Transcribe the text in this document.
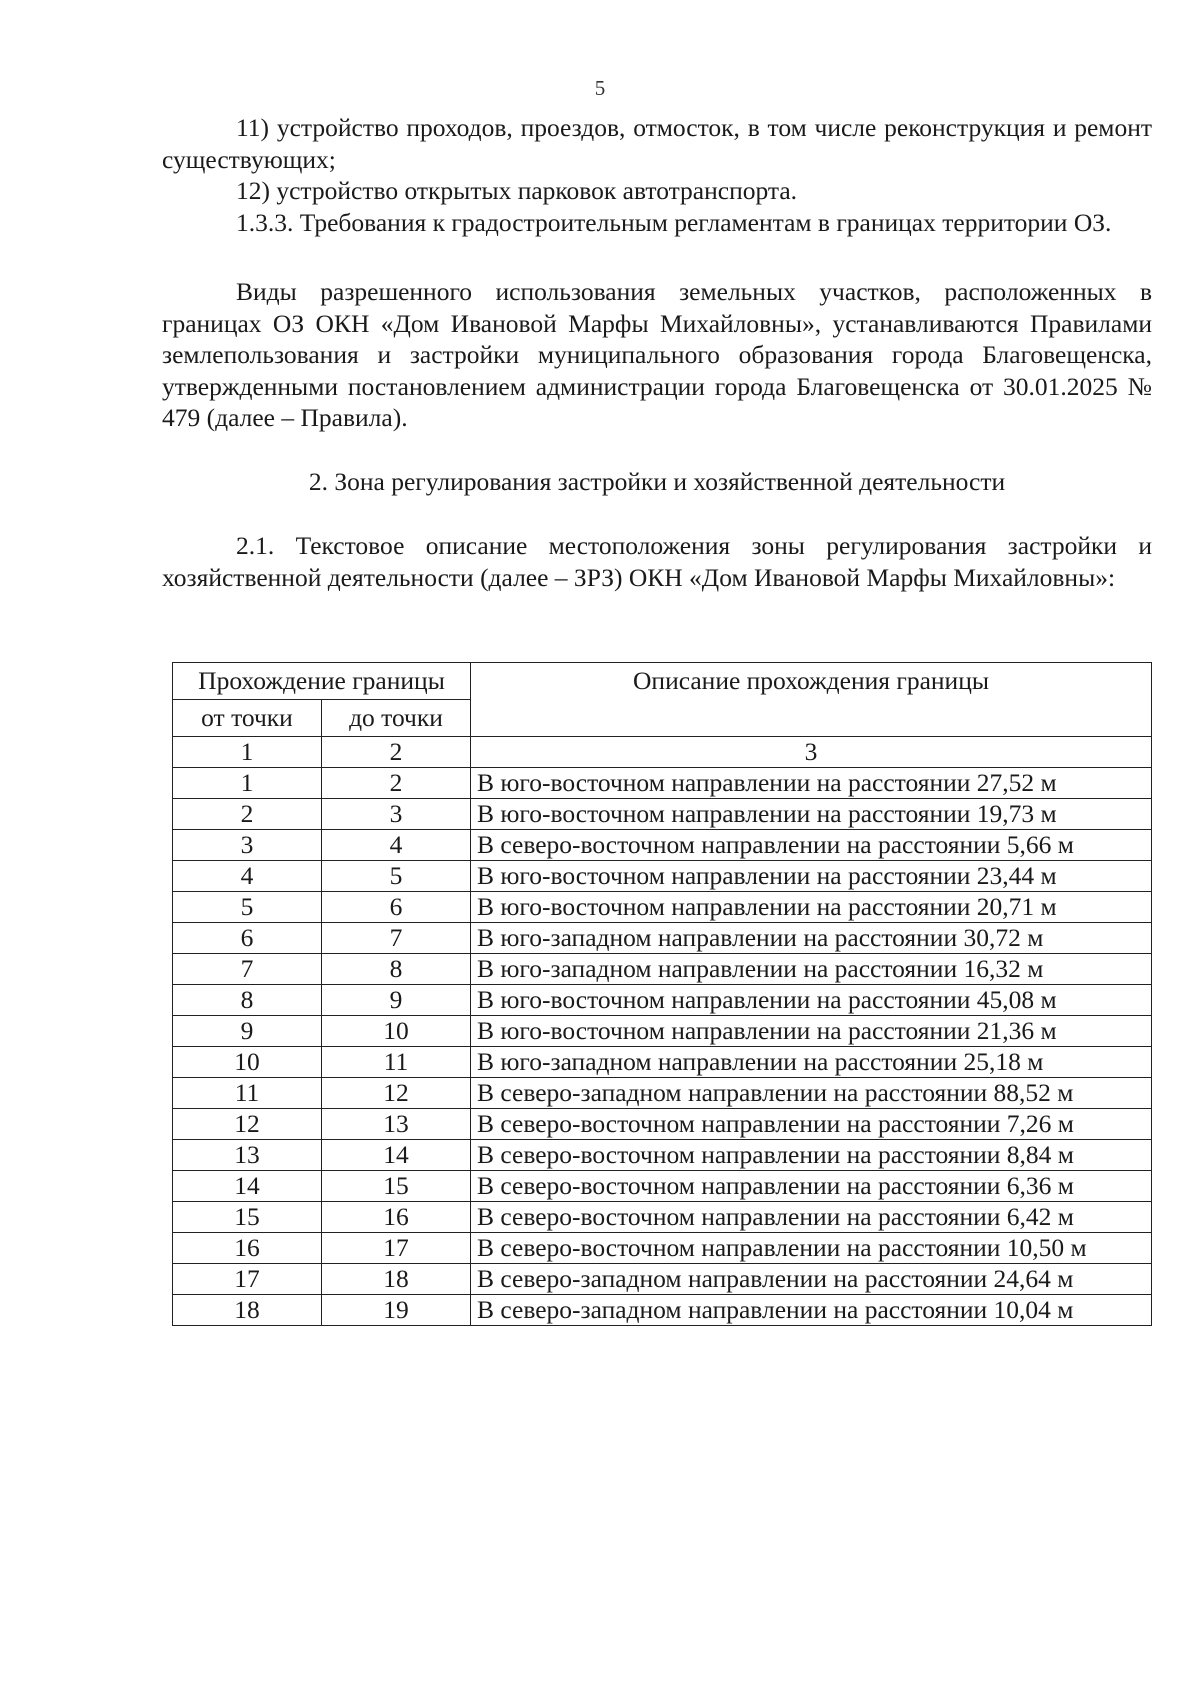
5

11) устройство проходов, проездов, отмосток, в том числе реконструкция и ремонт существующих;

12) устройство открытых парковок автотранспорта.

1.3.3. Требования к градостроительным регламентам в границах территории ОЗ.

Виды разрешенного использования земельных участков, расположенных в границах ОЗ ОКН «Дом Ивановой Марфы Михайловны», устанавливаются Правилами землепользования и застройки муниципального образования города Благовещенска, утвержденными постановлением администрации города Благовещенска от 30.01.2025 № 479 (далее – Правила).

2. Зона регулирования застройки и хозяйственной деятельности

2.1. Текстовое описание местоположения зоны регулирования застройки и хозяйственной деятельности (далее – ЗРЗ) ОКН «Дом Ивановой Марфы Михайловны»:

Прохождение границы		Описание прохождения границы
от точки	до точки	
1	2	3
1	2	В юго-восточном направлении на расстоянии 27,52 м
2	3	В юго-восточном направлении на расстоянии 19,73 м
3	4	В северо-восточном направлении на расстоянии 5,66 м
4	5	В юго-восточном направлении на расстоянии 23,44 м
5	6	В юго-восточном направлении на расстоянии 20,71 м
6	7	В юго-западном направлении на расстоянии 30,72 м
7	8	В юго-западном направлении на расстоянии 16,32 м
8	9	В юго-восточном направлении на расстоянии 45,08 м
9	10	В юго-восточном направлении на расстоянии 21,36 м
10	11	В юго-западном направлении на расстоянии 25,18 м
11	12	В северо-западном направлении на расстоянии 88,52 м
12	13	В северо-восточном направлении на расстоянии 7,26 м
13	14	В северо-восточном направлении на расстоянии 8,84 м
14	15	В северо-восточном направлении на расстоянии 6,36 м
15	16	В северо-восточном направлении на расстоянии 6,42 м
16	17	В северо-восточном направлении на расстоянии 10,50 м
17	18	В северо-западном направлении на расстоянии 24,64 м
18	19	В северо-западном направлении на расстоянии 10,04 м
